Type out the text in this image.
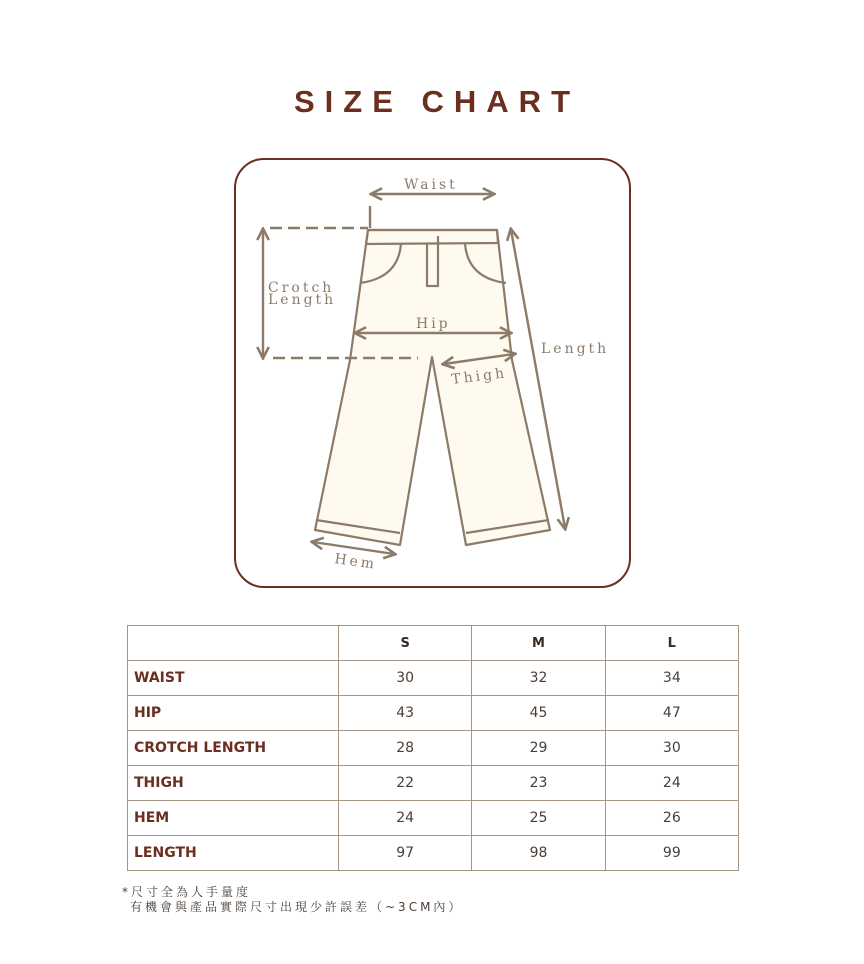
SIZE CHART
Waist
Crotch
Length
Hip
Length
Thigh
Hem
	S	M	L
WAIST	30	32	34
HIP	43	45	47
CROTCH LENGTH	28	29	30
THIGH	22	23	24
HEM	24	25	26
LENGTH	97	98	99
*尺寸全為人手量度
有機會與產品實際尺寸出現少許誤差（~3CM內）
